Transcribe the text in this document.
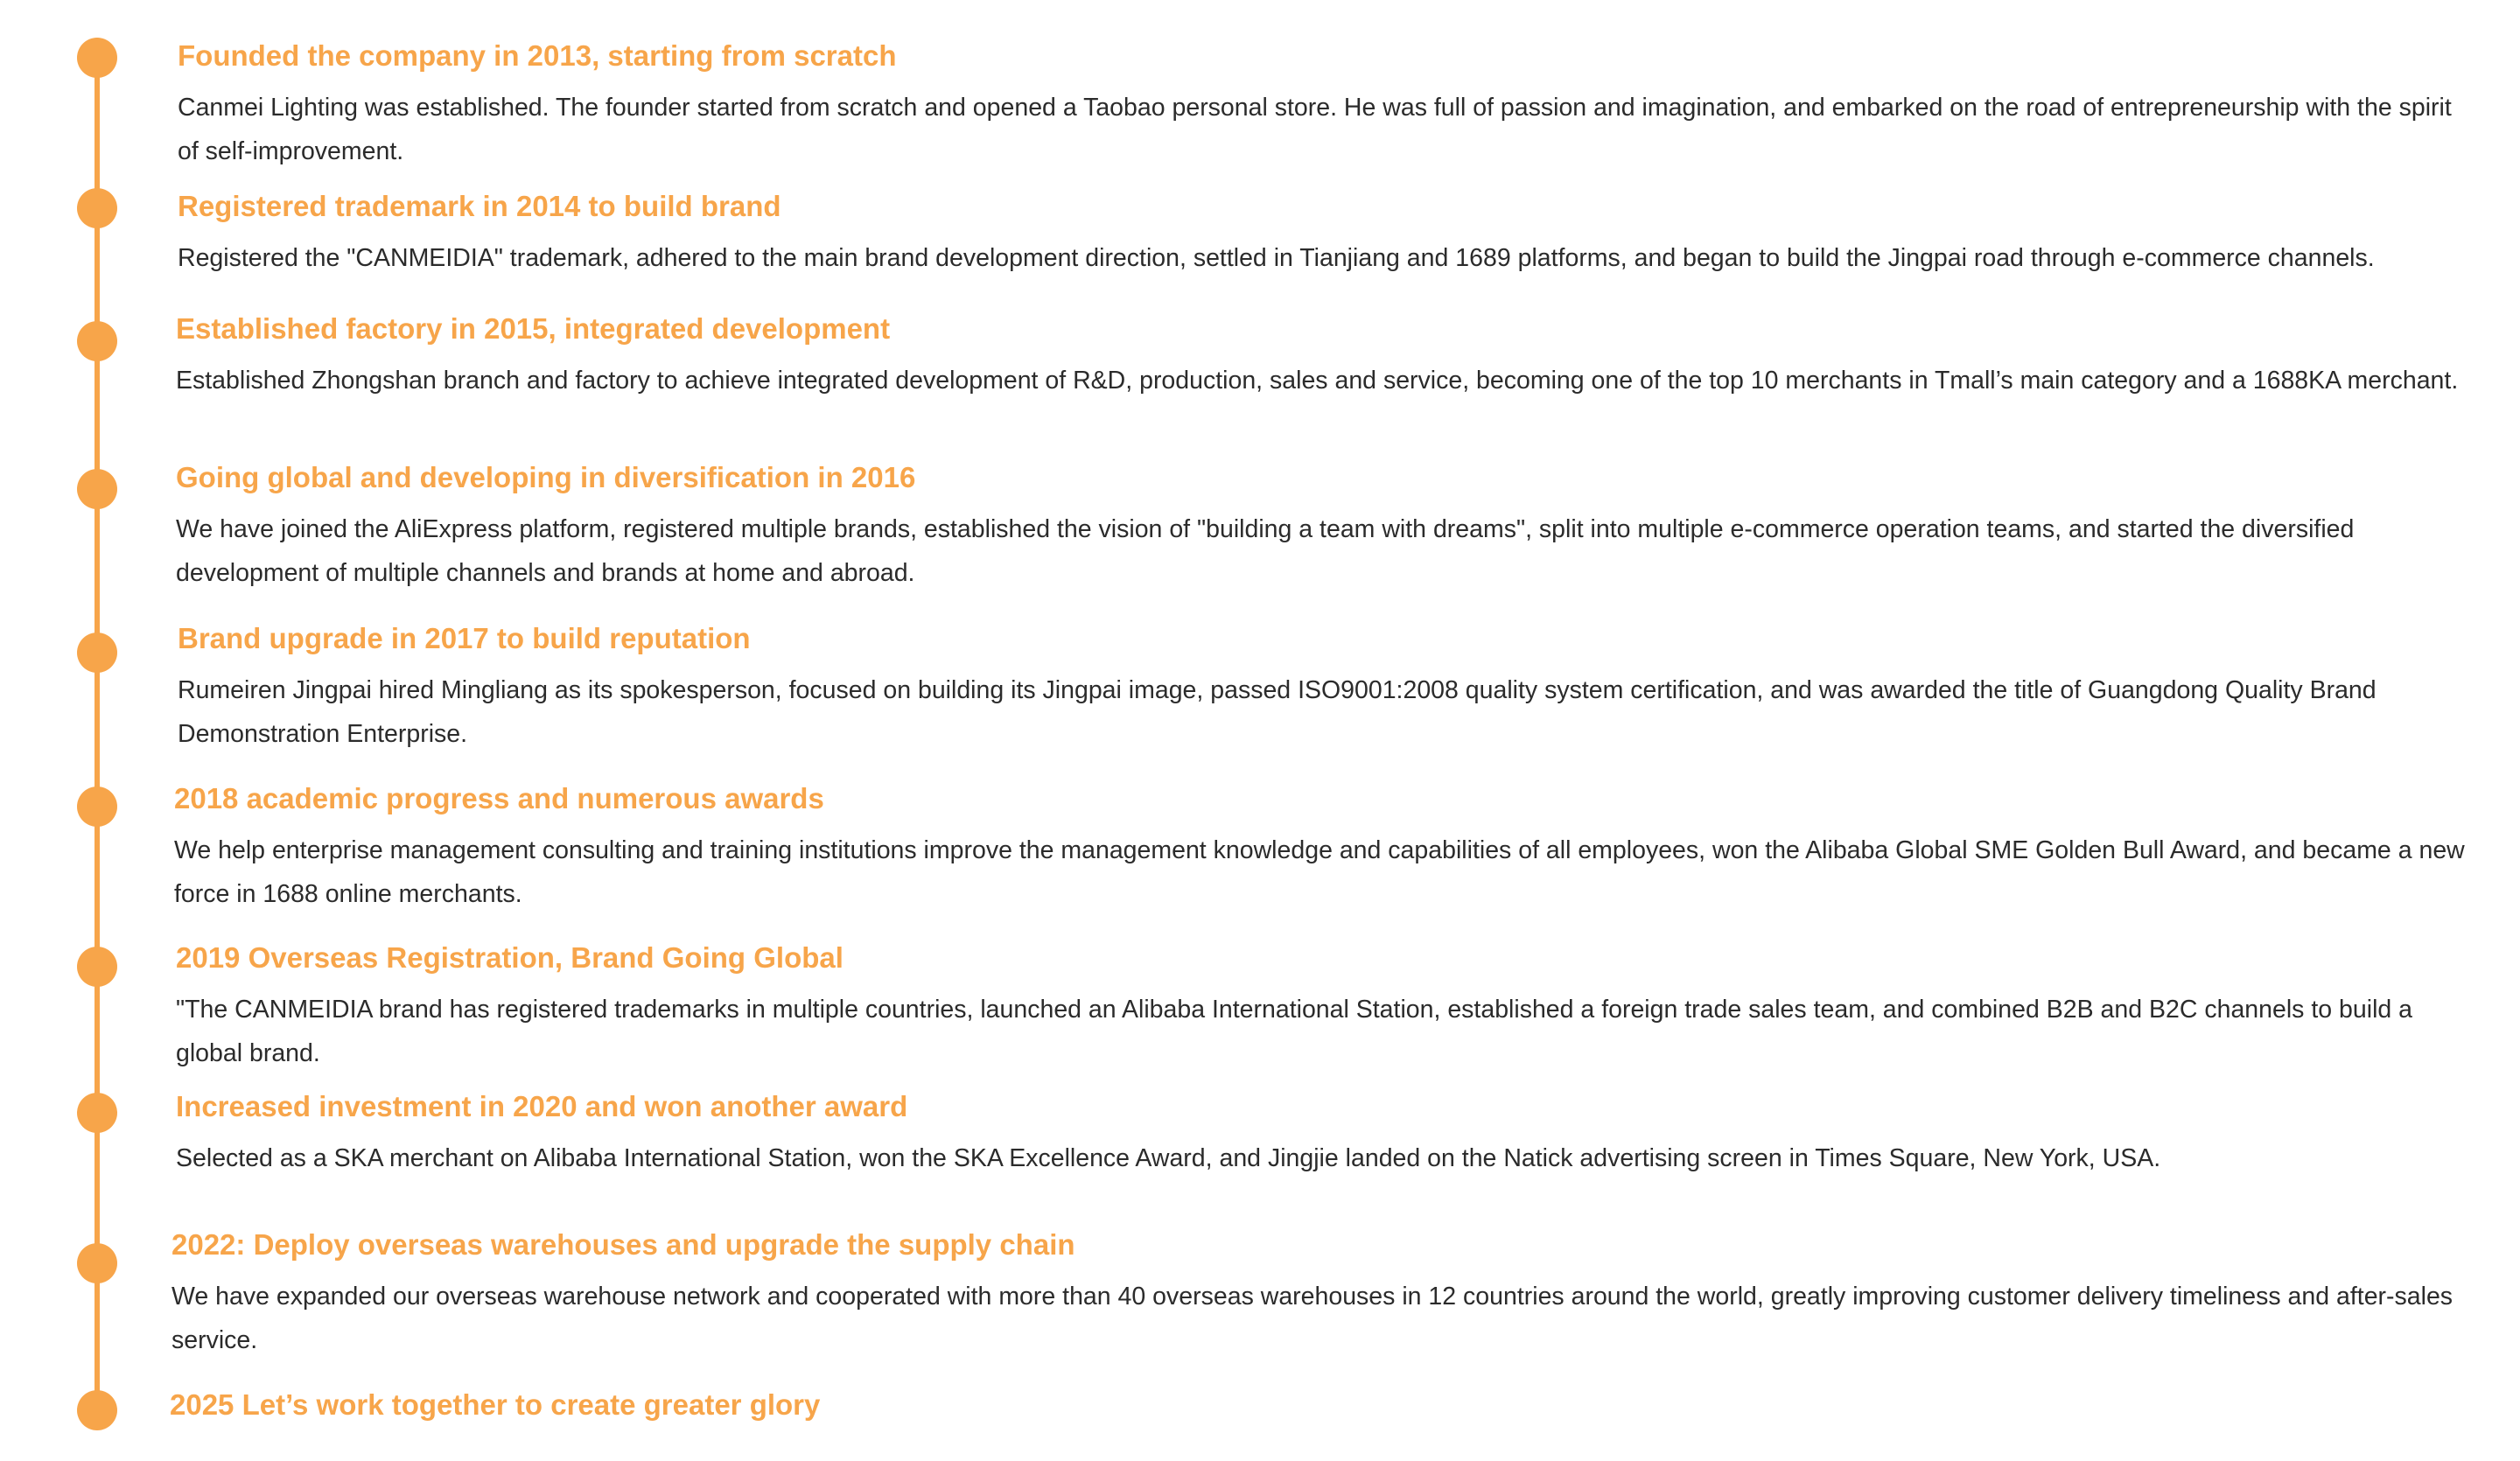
Founded the company in 2013, starting from scratch
Canmei Lighting was established. The founder started from scratch and opened a Taobao personal store. He was full of passion and imagination, and embarked on the road of entrepreneurship with the spirit of self-improvement.
Registered trademark in 2014 to build brand
Registered the "CANMEIDIA" trademark, adhered to the main brand development direction, settled in Tianjiang and 1689 platforms, and began to build the Jingpai road through e-commerce channels.
Established factory in 2015, integrated development
Established Zhongshan branch and factory to achieve integrated development of R&D, production, sales and service, becoming one of the top 10 merchants in Tmall’s main category and a 1688KA merchant.
Going global and developing in diversification in 2016
We have joined the AliExpress platform, registered multiple brands, established the vision of "building a team with dreams", split into multiple e-commerce operation teams, and started the diversified development of multiple channels and brands at home and abroad.
Brand upgrade in 2017 to build reputation
Rumeiren Jingpai hired Mingliang as its spokesperson, focused on building its Jingpai image, passed ISO9001:2008 quality system certification, and was awarded the title of Guangdong Quality Brand Demonstration Enterprise.
2018 academic progress and numerous awards
We help enterprise management consulting and training institutions improve the management knowledge and capabilities of all employees, won the Alibaba Global SME Golden Bull Award, and became a new force in 1688 online merchants.
2019 Overseas Registration, Brand Going Global
"The CANMEIDIA brand has registered trademarks in multiple countries, launched an Alibaba International Station, established a foreign trade sales team, and combined B2B and B2C channels to build a global brand.
Increased investment in 2020 and won another award
Selected as a SKA merchant on Alibaba International Station, won the SKA Excellence Award, and Jingjie landed on the Natick advertising screen in Times Square, New York, USA.
2022: Deploy overseas warehouses and upgrade the supply chain
We have expanded our overseas warehouse network and cooperated with more than 40 overseas warehouses in 12 countries around the world, greatly improving customer delivery timeliness and after-sales service.
2025 Let’s work together to create greater glory
